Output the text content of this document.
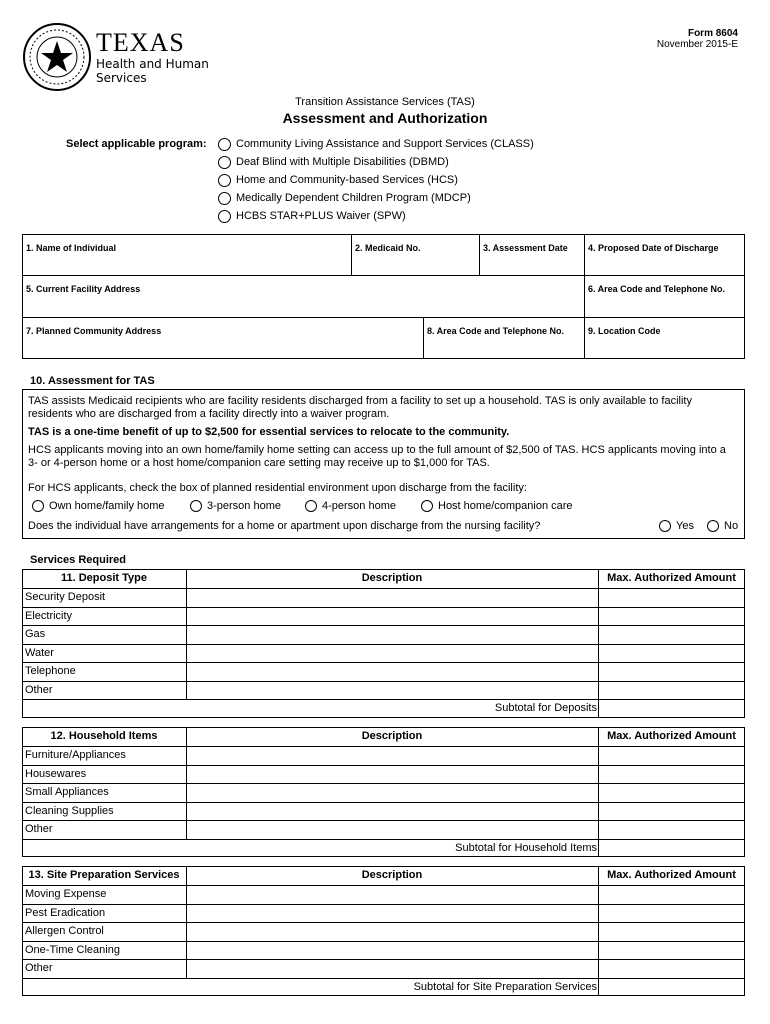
TEXAS
Health and Human
Services
Form 8604
November 2015-E
Transition Assistance Services (TAS)
Assessment and Authorization
Select applicable program:	Community Living Assistance and Support Services (CLASS)
Deaf Blind with Multiple Disabilities (DBMD)
Home and Community-based Services (HCS)
Medically Dependent Children Program (MDCP)
HCBS STAR+PLUS Waiver (SPW)
1. Name of Individual	2. Medicaid No.	3. Assessment Date	4. Proposed Date of Discharge
5. Current Facility Address	6. Area Code and Telephone No.
7. Planned Community Address	8. Area Code and Telephone No.	9. Location Code
10. Assessment for TAS
TAS assists Medicaid recipients who are facility residents discharged from a facility to set up a household. TAS is only available to facility
residents who are discharged from a facility directly into a waiver program.
TAS is a one-time benefit of up to $2,500 for essential services to relocate to the community.
HCS applicants moving into an own home/family home setting can access up to the full amount of $2,500 of TAS. HCS applicants moving into a
3- or 4-person home or a host home/companion care setting may receive up to $1,000 for TAS.
For HCS applicants, check the box of planned residential environment upon discharge from the facility:
Own home/family home	3-person home	4-person home	Host home/companion care
Does the individual have arrangements for a home or apartment upon discharge from the nursing facility?	Yes	No
Services Required
11. Deposit Type	Description	Max. Authorized Amount
Security Deposit
Electricity
Gas
Water
Telephone
Other
Subtotal for Deposits
12. Household Items	Description	Max. Authorized Amount
Furniture/Appliances
Housewares
Small Appliances
Cleaning Supplies
Other
Subtotal for Household Items
13. Site Preparation Services	Description	Max. Authorized Amount
Moving Expense
Pest Eradication
Allergen Control
One-Time Cleaning
Other
Subtotal for Site Preparation Services
